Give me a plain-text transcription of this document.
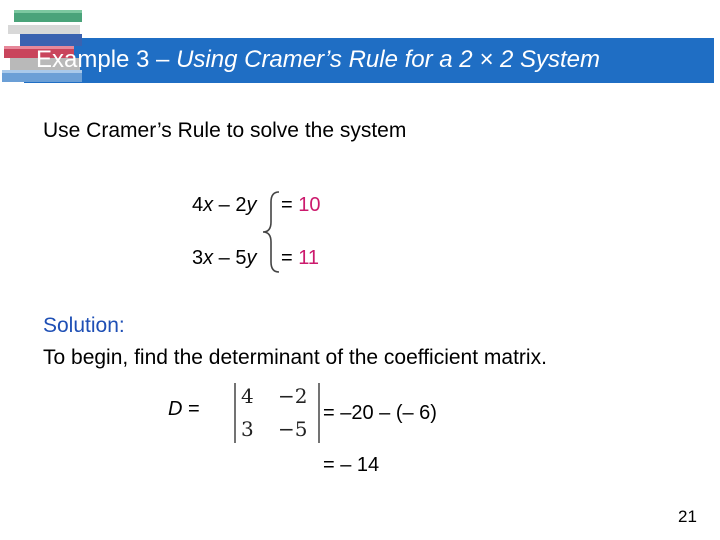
Example 3 – Using Cramer’s Rule for a 2 × 2 System
Use Cramer’s Rule to solve the system
4x – 2y = 10
3x – 5y = 11
Solution:
To begin, find the determinant of the coefficient matrix.
D =
4 −2
3 −5
= –20 – (– 6)
= – 14
21
